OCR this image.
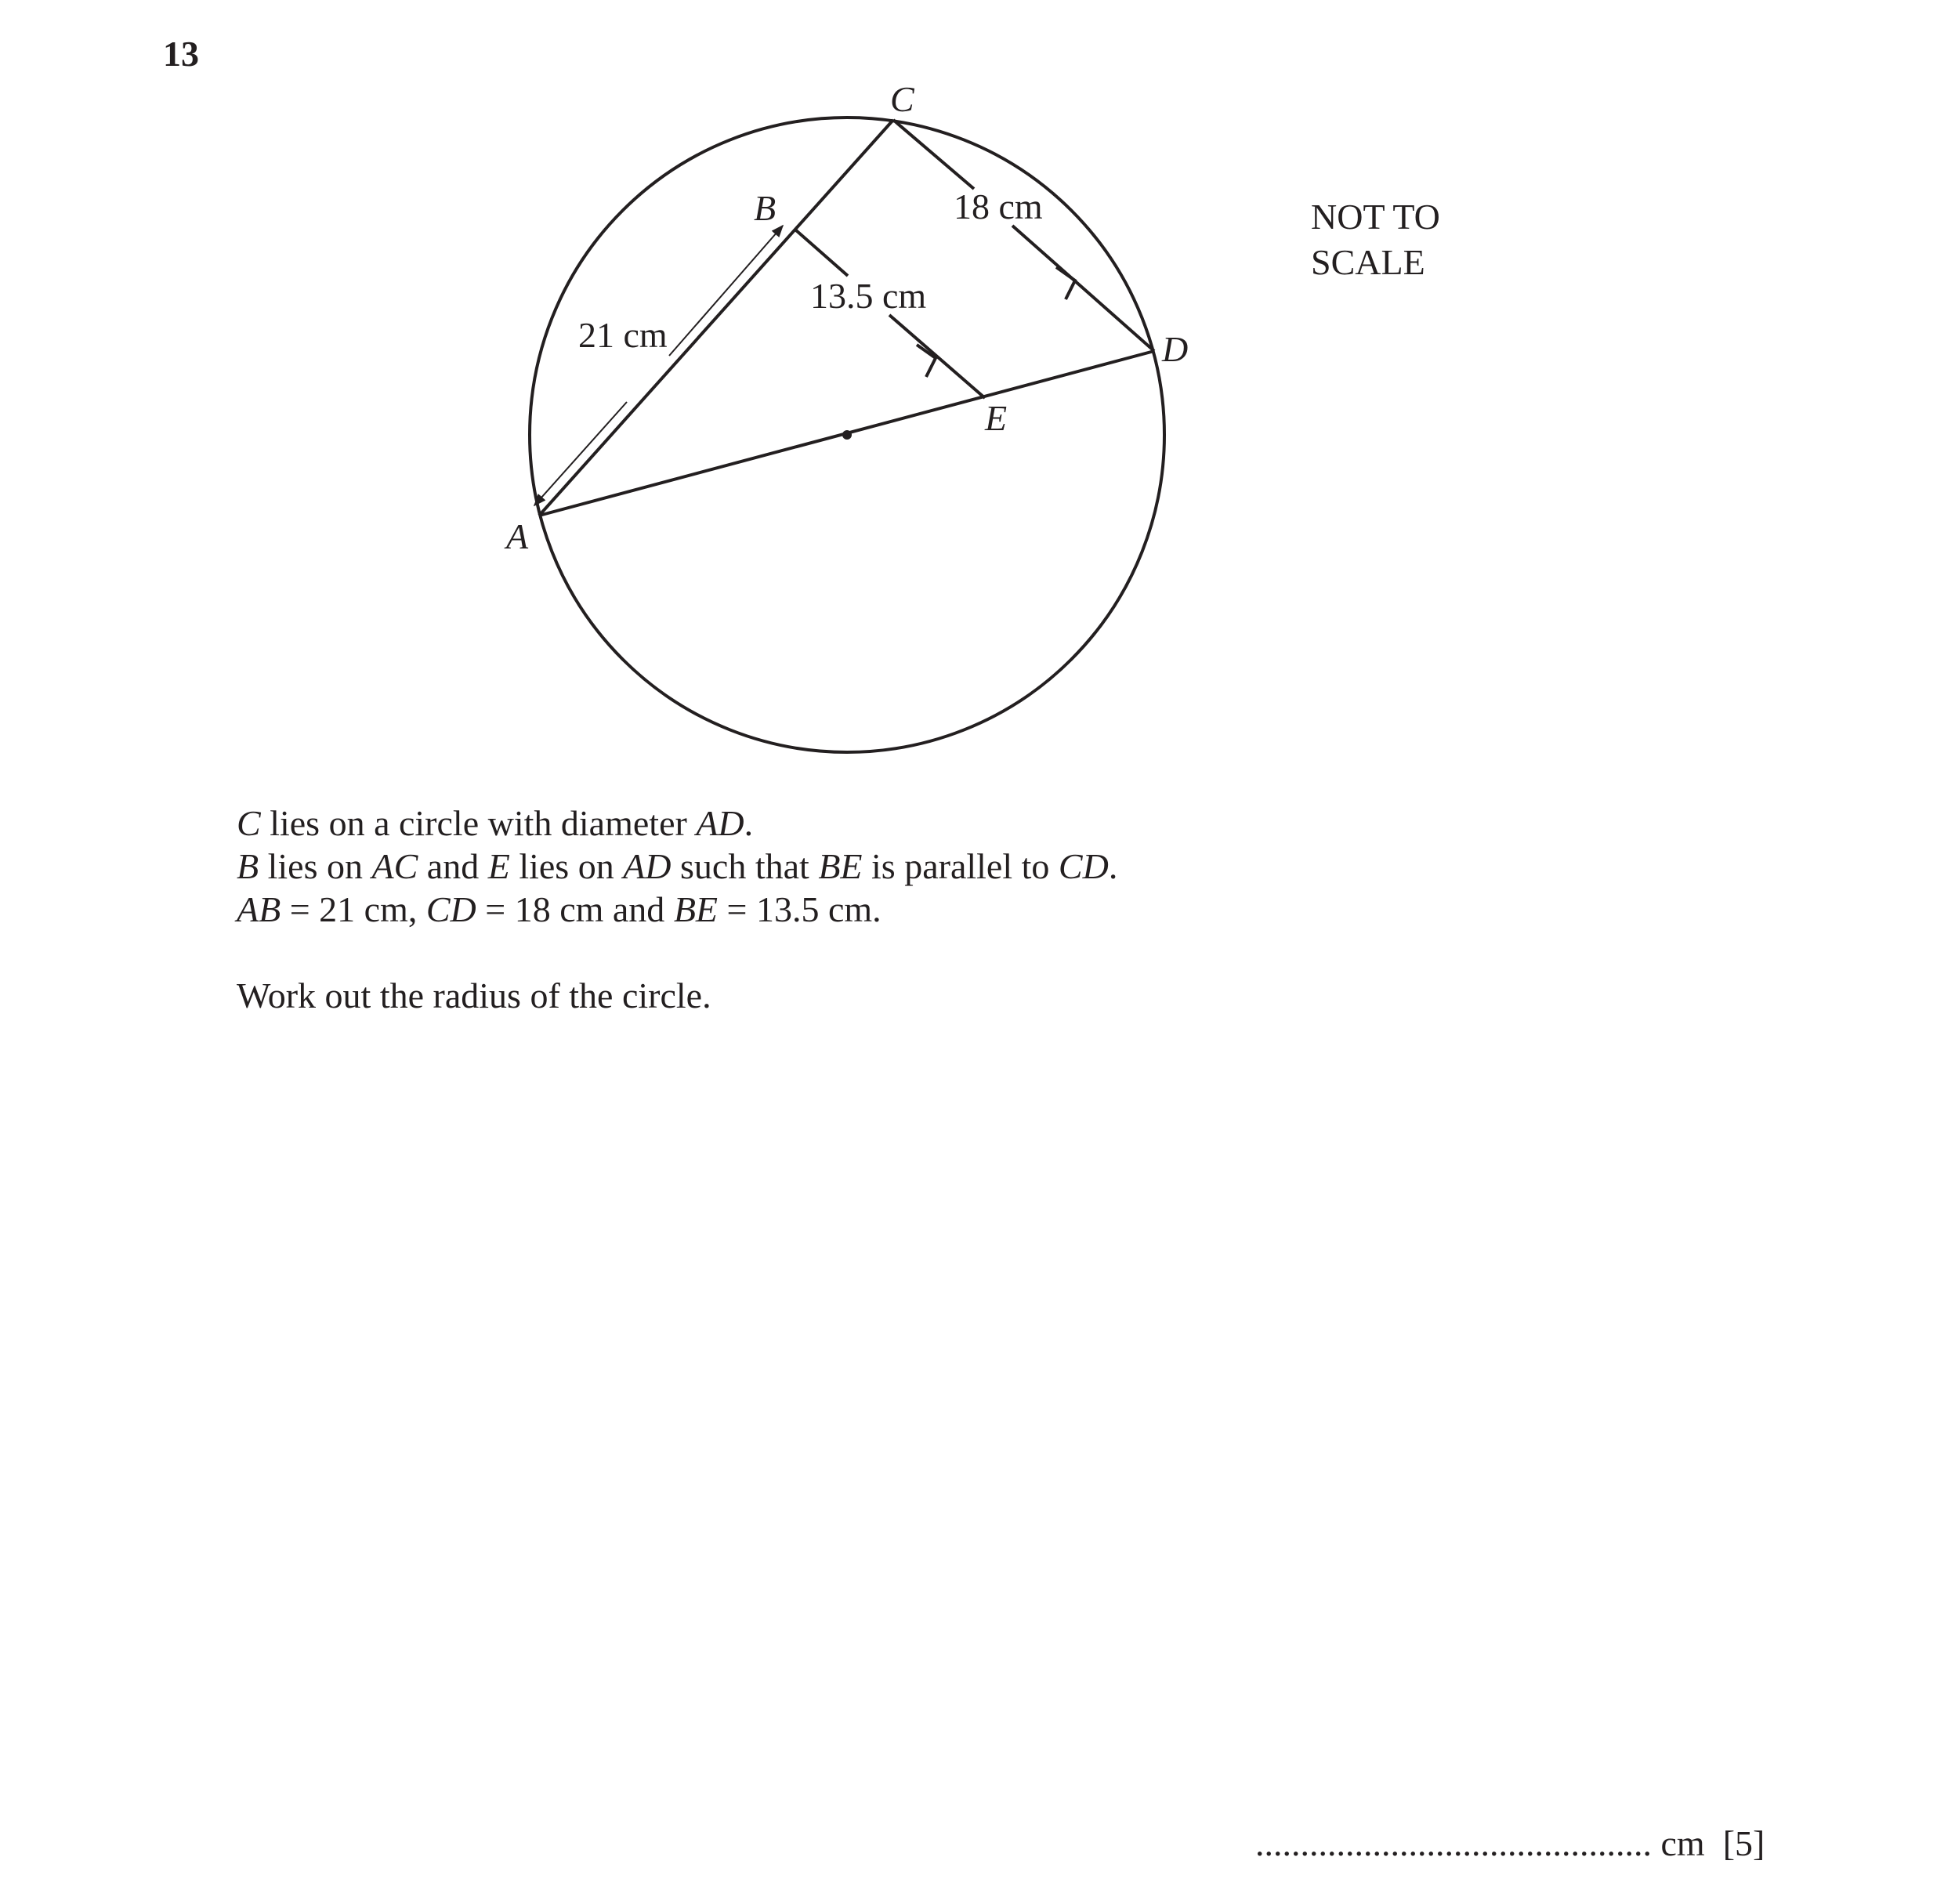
13
A
B
C
D
E
21 cm
18 cm
13.5 cm
NOT TO
SCALE
C lies on a circle with diameter AD.
B lies on AC and E lies on AD such that BE is parallel to CD.
AB = 21 cm, CD = 18 cm and BE = 13.5 cm.
Work out the radius of the circle.
............................................ cm [5]
